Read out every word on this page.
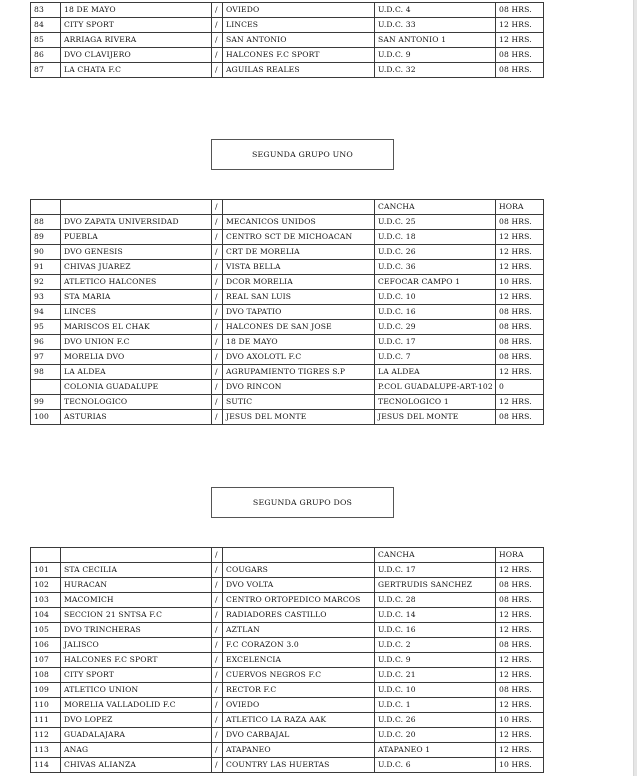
83	18 DE MAYO	/	OVIEDO	U.D.C. 4	08 HRS.
84	CITY SPORT	/	LINCES	U.D.C. 33	12 HRS.
85	ARRIAGA RIVERA	/	SAN ANTONIO	SAN ANTONIO 1	12 HRS.
86	DVO CLAVIJERO	/	HALCONES F.C SPORT	U.D.C. 9	08 HRS.
87	LA CHATA F.C	/	AGUILAS REALES	U.D.C. 32	08 HRS.
SEGUNDA GRUPO UNO
		/		CANCHA	HORA
88	DVO ZAPATA UNIVERSIDAD	/	MECANICOS UNIDOS	U.D.C. 25	08 HRS.
89	PUEBLA	/	CENTRO SCT DE MICHOACAN	U.D.C. 18	12 HRS.
90	DVO GENESIS	/	CRT DE MORELIA	U.D.C. 26	12 HRS.
91	CHIVAS JUAREZ	/	VISTA BELLA	U.D.C. 36	12 HRS.
92	ATLETICO HALCONES	/	DCOR MORELIA	CEFOCAR CAMPO 1	10 HRS.
93	STA MARIA	/	REAL SAN LUIS	U.D.C. 10	12 HRS.
94	LINCES	/	DVO TAPATIO	U.D.C. 16	08 HRS.
95	MARISCOS EL CHAK	/	HALCONES DE SAN JOSE	U.D.C. 29	08 HRS.
96	DVO UNION F.C	/	18 DE MAYO	U.D.C. 17	08 HRS.
97	MORELIA DVO	/	DVO AXOLOTL F.C	U.D.C. 7	08 HRS.
98	LA ALDEA	/	AGRUPAMIENTO TIGRES S.P	LA ALDEA	12 HRS.
	COLONIA GUADALUPE	/	DVO RINCON	P.COL GUADALUPE-ART-102	0
99	TECNOLOGICO	/	SUTIC	TECNOLOGICO 1	12 HRS.
100	ASTURIAS	/	JESUS DEL MONTE	JESUS DEL MONTE	08 HRS.
SEGUNDA GRUPO DOS
		/		CANCHA	HORA
101	STA CECILIA	/	COUGARS	U.D.C. 17	12 HRS.
102	HURACAN	/	DVO VOLTA	GERTRUDIS SANCHEZ	08 HRS.
103	MACOMICH	/	CENTRO ORTOPEDICO MARCOS	U.D.C. 28	08 HRS.
104	SECCION 21 SNTSA F.C	/	RADIADORES CASTILLO	U.D.C. 14	12 HRS.
105	DVO TRINCHERAS	/	AZTLAN	U.D.C. 16	12 HRS.
106	JALISCO	/	F.C CORAZON 3.0	U.D.C. 2	08 HRS.
107	HALCONES F.C SPORT	/	EXCELENCIA	U.D.C. 9	12 HRS.
108	CITY SPORT	/	CUERVOS NEGROS F.C	U.D.C. 21	12 HRS.
109	ATLETICO UNION	/	RECTOR F.C	U.D.C. 10	08 HRS.
110	MORELIA VALLADOLID F.C	/	OVIEDO	U.D.C. 1	12 HRS.
111	DVO LOPEZ	/	ATLETICO LA RAZA AAK	U.D.C. 26	10 HRS.
112	GUADALAJARA	/	DVO CARBAJAL	U.D.C. 20	12 HRS.
113	ANAG	/	ATAPANEO	ATAPANEO 1	12 HRS.
114	CHIVAS ALIANZA	/	COUNTRY LAS HUERTAS	U.D.C. 6	10 HRS.
